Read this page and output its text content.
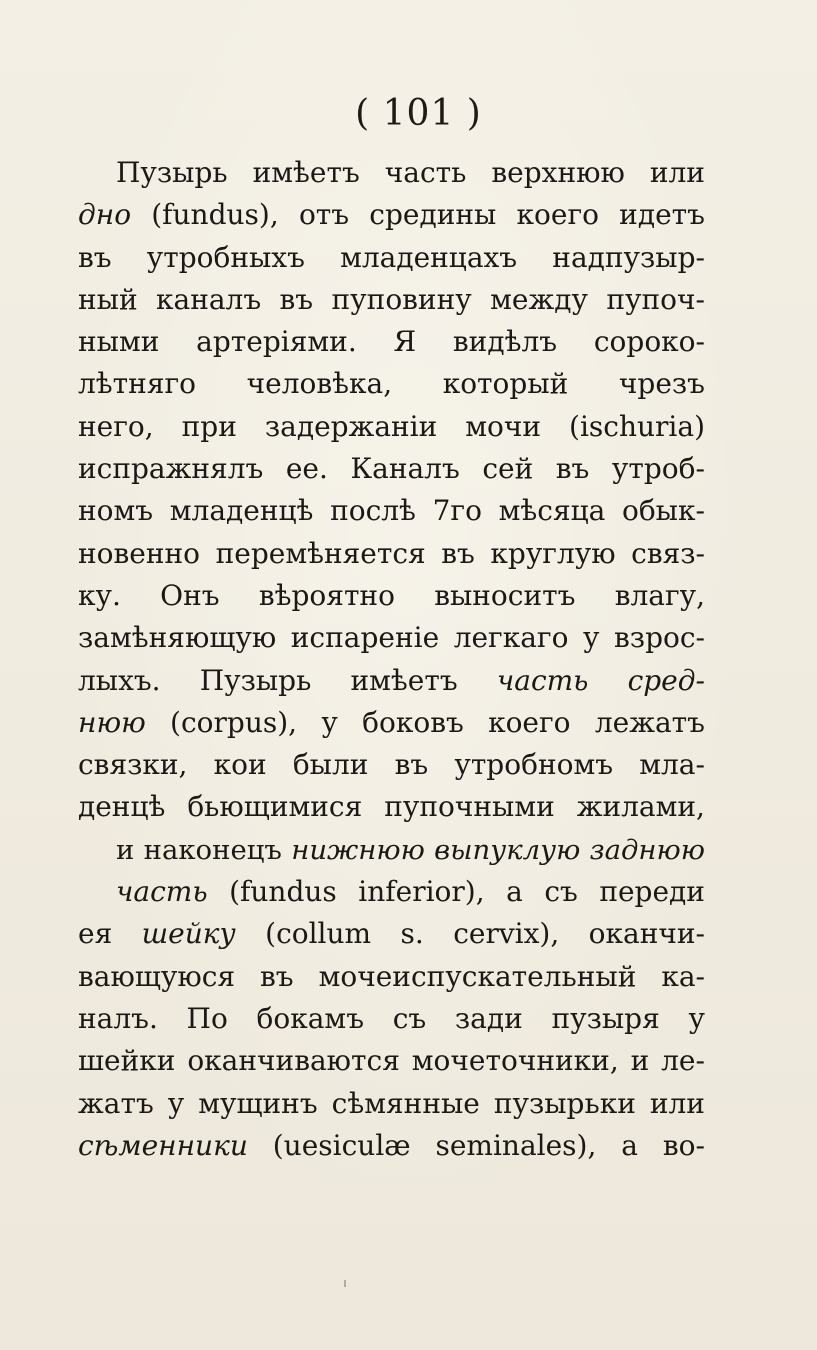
( 101 )
Пузырь имѣетъ часть верхнюю или
дно (fundus), отъ средины коего идетъ
въ утробныхъ младенцахъ надпузыр-
ный каналъ въ пуповину между пупоч-
ными артерiями. Я видѣлъ сороко-
лѣтняго человѣка, который чрезъ
него, при задержанiи мочи (ischuria)
испражнялъ ее. Каналъ сей въ утроб-
номъ младенцѣ послѣ 7го мѣсяца обык-
новенно перемѣняется въ круглую связ-
ку. Онъ вѣроятно выноситъ влагу,
замѣняющую испаренiе легкаго у взрос-
лыхъ. Пузырь имѣетъ часть сред-
нюю (corpus), у боковъ коего лежатъ
связки, кои были въ утробномъ мла-
денцѣ бьющимися пупочными жилами,
и наконецъ нижнюю выпуклую заднюю
часть (fundus inferior), а съ переди
ея шейку (collum s. cervix), оканчи-
вающуюся въ мочеиспускательный ка-
налъ. По бокамъ съ зади пузыря у
шейки оканчиваются мочеточники, и ле-
жатъ у мущинъ сѣмянные пузырьки или
сѣменники (uesiculæ seminales), а во-
